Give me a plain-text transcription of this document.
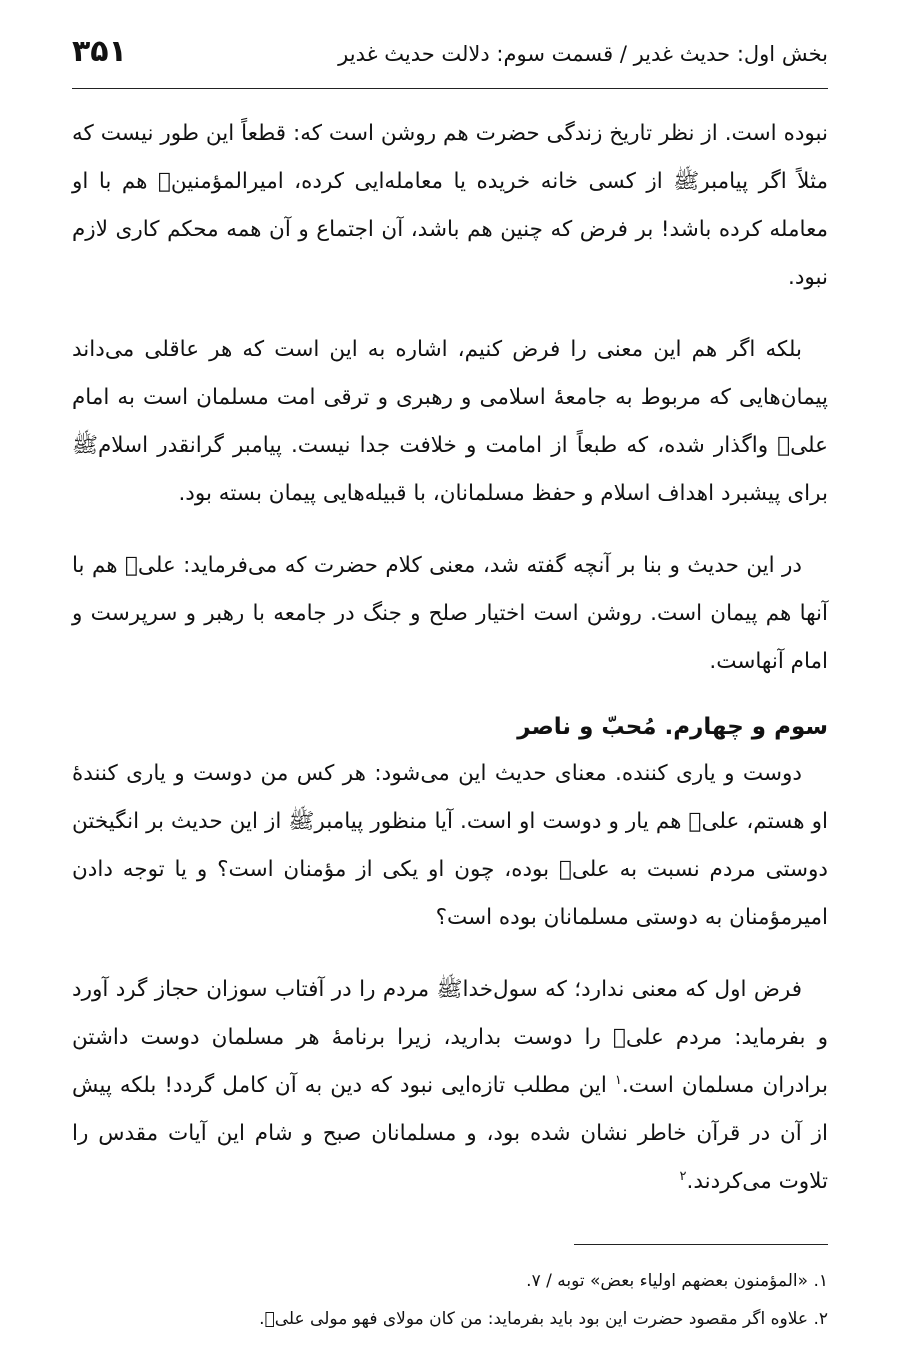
بخش اول: حدیث غدیر / قسمت سوم: دلالت حدیث غدیر
۳۵۱

نبوده است. از نظر تاریخ زندگی حضرت هم روشن است که: قطعاً این طور نیست که مثلاً اگر پیامبرﷺ از کسی خانه خریده یا معامله‌ایی کرده، امیرالمؤمنین﷣ هم با او معامله کرده باشد! بر فرض که چنین هم باشد، آن اجتماع و آن همه محکم کاری لازم نبود.

بلکه اگر هم این معنی را فرض کنیم، اشاره به این است که هر عاقلی می‌داند پیمان‌هایی که مربوط به جامعۀ اسلامی و رهبری و ترقی امت مسلمان است به امام علی﷣ واگذار شده، که طبعاً از امامت و خلافت جدا نیست. پیامبر گرانقدر اسلامﷺ برای پیشبرد اهداف اسلام و حفظ مسلمانان، با قبیله‌هایی پیمان بسته بود.

در این حدیث و بنا بر آنچه گفته شد، معنی کلام حضرت که می‌فرماید: علی﷣ هم با آنها هم پیمان است. روشن است اختیار صلح و جنگ در جامعه با رهبر و سرپرست و امام آنهاست.

سوم و چهارم. مُحبّ و ناصر

دوست و یاری کننده. معنای حدیث این می‌شود: هر کس من دوست و یاری کنندهٔ او هستم، علی﷣ هم یار و دوست او است. آیا منظور پیامبرﷺ از این حدیث بر انگیختن دوستی مردم نسبت به علی﷣ بوده، چون او یکی از مؤمنان است؟ و یا توجه دادن امیرمؤمنان به دوستی مسلمانان بوده است؟

فرض اول که معنی ندارد؛ که سول‌خداﷺ مردم را در آفتاب سوزان حجاز گرد آورد و بفرماید: مردم علی﷣ را دوست بدارید، زیرا برنامۀ هر مسلمان دوست داشتن برادران مسلمان است.$^۱$ این مطلب تازه‌ایی نبود که دین به آن کامل گردد! بلکه پیش از آن در قرآن خاطر نشان شده بود، و مسلمانان صبح و شام این آیات مقدس را تلاوت می‌کردند.$^۲$

۱. «المؤمنون بعضهم اولیاء بعض» توبه / ۷.

۲. علاوه اگر مقصود حضرت این بود باید بفرماید: من کان مولای فهو مولی علی﷣.
